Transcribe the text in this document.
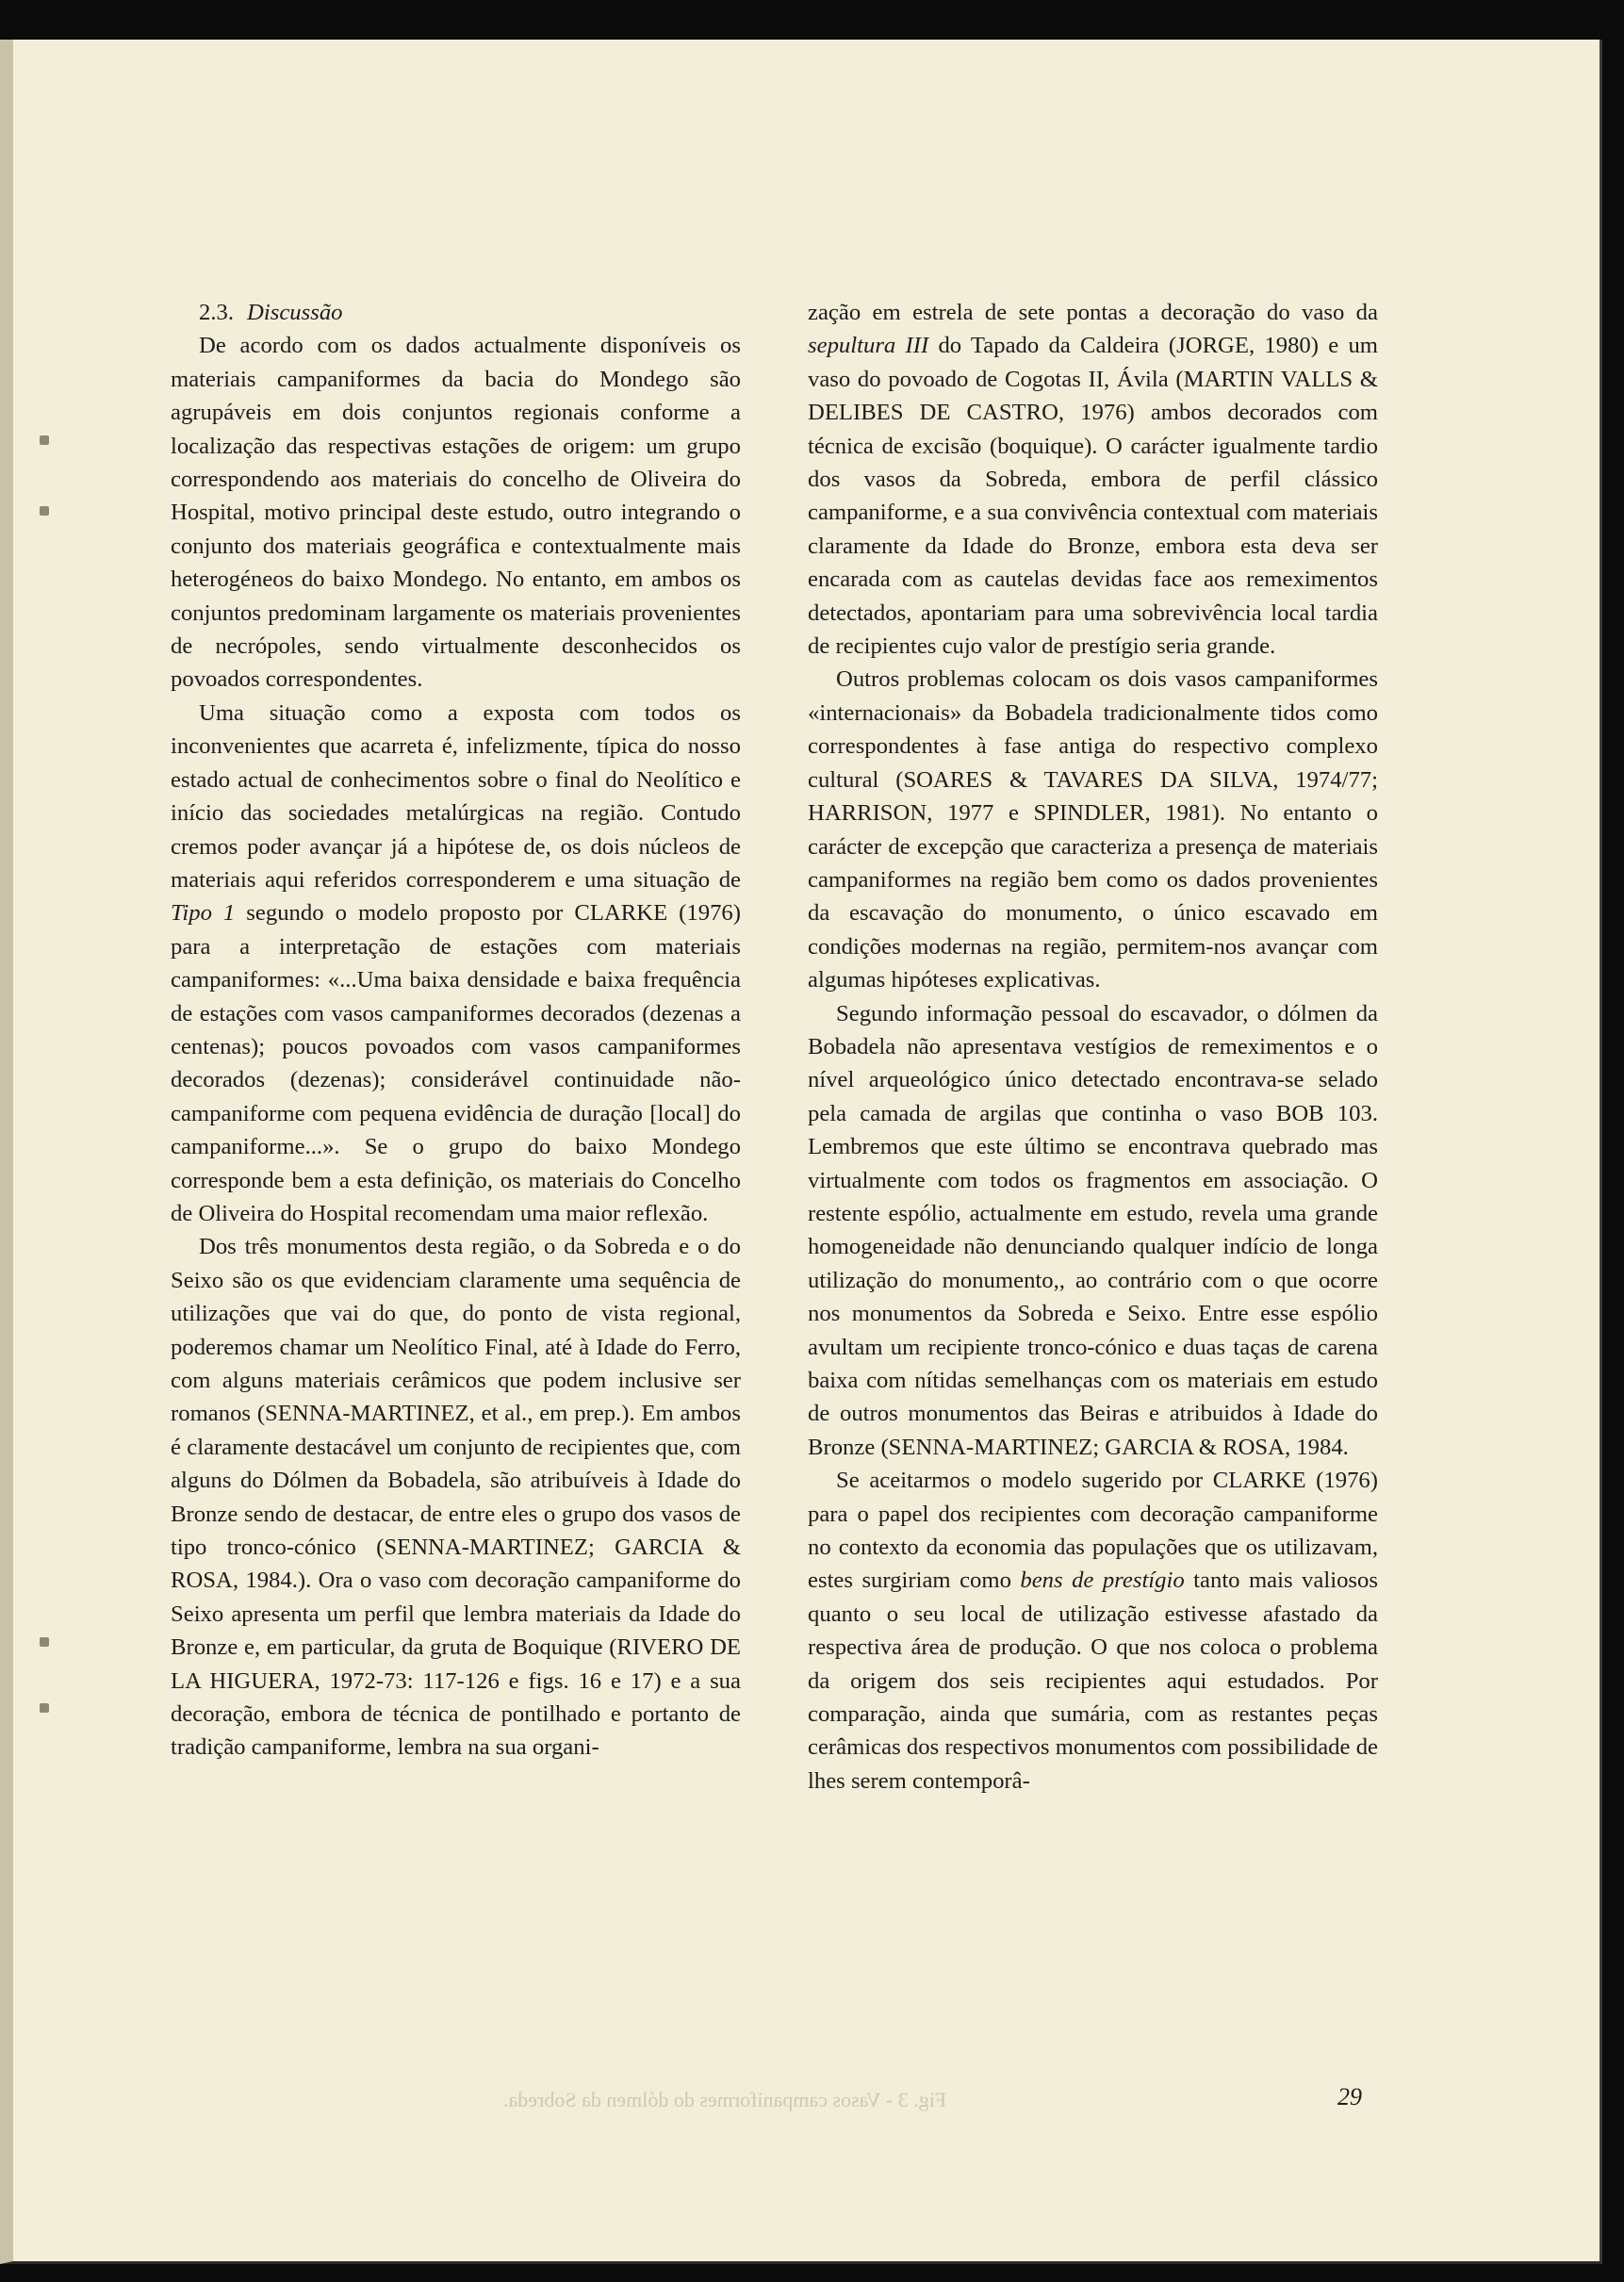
Fig. 3 - Vasos campaniformes do dólmen da Sobreda.

2.3. Discussão

De acordo com os dados actualmente disponíveis os materiais campaniformes da bacia do Mondego são agrupáveis em dois conjuntos regionais conforme a localização das respectivas estações de origem: um grupo correspondendo aos materiais do concelho de Oliveira do Hospital, motivo principal deste estudo, outro integrando o conjunto dos materiais geográfica e contextualmente mais heterogéneos do baixo Mondego. No entanto, em ambos os conjuntos predominam largamente os materiais provenientes de necrópoles, sendo virtualmente desconhecidos os povoados correspondentes.

Uma situação como a exposta com todos os inconvenientes que acarreta é, infelizmente, típica do nosso estado actual de conhecimentos sobre o final do Neolítico e início das sociedades metalúrgicas na região. Contudo cremos poder avançar já a hipótese de, os dois núcleos de materiais aqui referidos corresponderem e uma situação de Tipo 1 segundo o modelo proposto por CLARKE (1976) para a interpretação de estações com materiais campaniformes: «...Uma baixa densidade e baixa frequência de estações com vasos campaniformes decorados (dezenas a centenas); poucos povoados com vasos campaniformes decorados (dezenas); considerável continuidade não-campaniforme com pequena evidência de duração [local] do campaniforme...». Se o grupo do baixo Mondego corresponde bem a esta definição, os materiais do Concelho de Oliveira do Hospital recomendam uma maior reflexão.

Dos três monumentos desta região, o da Sobreda e o do Seixo são os que evidenciam claramente uma sequência de utilizações que vai do que, do ponto de vista regional, poderemos chamar um Neolítico Final, até à Idade do Ferro, com alguns materiais cerâmicos que podem inclusive ser romanos (SENNA-MARTINEZ, et al., em prep.). Em ambos é claramente destacável um conjunto de recipientes que, com alguns do Dólmen da Bobadela, são atribuíveis à Idade do Bronze sendo de destacar, de entre eles o grupo dos vasos de tipo tronco-cónico (SENNA-MARTINEZ; GARCIA & ROSA, 1984.). Ora o vaso com decoração campaniforme do Seixo apresenta um perfil que lembra materiais da Idade do Bronze e, em particular, da gruta de Boquique (RIVERO DE LA HIGUERA, 1972-73: 117-126 e figs. 16 e 17) e a sua decoração, embora de técnica de pontilhado e portanto de tradição campaniforme, lembra na sua organi-

zação em estrela de sete pontas a decoração do vaso da sepultura III do Tapado da Caldeira (JORGE, 1980) e um vaso do povoado de Cogotas II, Ávila (MARTIN VALLS & DELIBES DE CASTRO, 1976) ambos decorados com técnica de excisão (boquique). O carácter igualmente tardio dos vasos da Sobreda, embora de perfil clássico campaniforme, e a sua convivência contextual com materiais claramente da Idade do Bronze, embora esta deva ser encarada com as cautelas devidas face aos remeximentos detectados, apontariam para uma sobrevivência local tardia de recipientes cujo valor de prestígio seria grande.

Outros problemas colocam os dois vasos campaniformes «internacionais» da Bobadela tradicionalmente tidos como correspondentes à fase antiga do respectivo complexo cultural (SOARES & TAVARES DA SILVA, 1974/77; HARRISON, 1977 e SPINDLER, 1981). No entanto o carácter de excepção que caracteriza a presença de materiais campaniformes na região bem como os dados provenientes da escavação do monumento, o único escavado em condições modernas na região, permitem-nos avançar com algumas hipóteses explicativas.

Segundo informação pessoal do escavador, o dólmen da Bobadela não apresentava vestígios de remeximentos e o nível arqueológico único detectado encontrava-se selado pela camada de argilas que continha o vaso BOB 103. Lembremos que este último se encontrava quebrado mas virtualmente com todos os fragmentos em associação. O restente espólio, actualmente em estudo, revela uma grande homogeneidade não denunciando qualquer indício de longa utilização do monumento,, ao contrário com o que ocorre nos monumentos da Sobreda e Seixo. Entre esse espólio avultam um recipiente tronco-cónico e duas taças de carena baixa com nítidas semelhanças com os materiais em estudo de outros monumentos das Beiras e atribuidos à Idade do Bronze (SENNA-MARTINEZ; GARCIA & ROSA, 1984.

Se aceitarmos o modelo sugerido por CLARKE (1976) para o papel dos recipientes com decoração campaniforme no contexto da economia das populações que os utilizavam, estes surgiriam como bens de prestígio tanto mais valiosos quanto o seu local de utilização estivesse afastado da respectiva área de produção. O que nos coloca o problema da origem dos seis recipientes aqui estudados. Por comparação, ainda que sumária, com as restantes peças cerâmicas dos respectivos monumentos com possibilidade de lhes serem contemporâ-

29
